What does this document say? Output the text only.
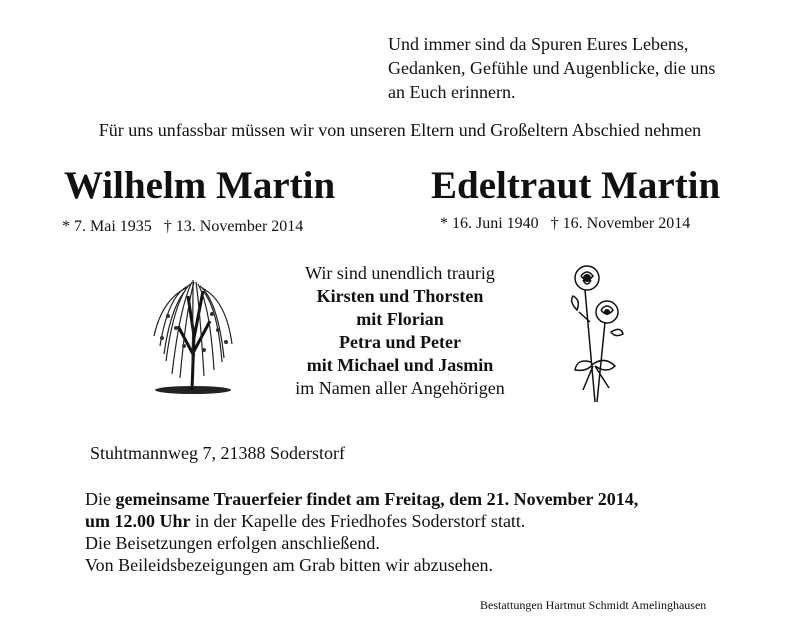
Und immer sind da Spuren Eures Lebens,
Gedanken, Gefühle und Augenblicke, die uns
an Euch erinnern.
Für uns unfassbar müssen wir von unseren Eltern und Großeltern Abschied nehmen
Wilhelm Martin
* 7. Mai 1935   † 13. November 2014
Edeltraut Martin
* 16. Juni 1940   † 16. November 2014
Wir sind unendlich traurig
Kirsten und Thorsten
mit Florian
Petra und Peter
mit Michael und Jasmin
im Namen aller Angehörigen
Stuhtmannweg 7, 21388 Soderstorf
Die gemeinsame Trauerfeier findet am Freitag, dem 21. November 2014,
um 12.00 Uhr in der Kapelle des Friedhofes Soderstorf statt.
Die Beisetzungen erfolgen anschließend.
Von Beileidsbezeigungen am Grab bitten wir abzusehen.
Bestattungen Hartmut Schmidt Amelinghausen
